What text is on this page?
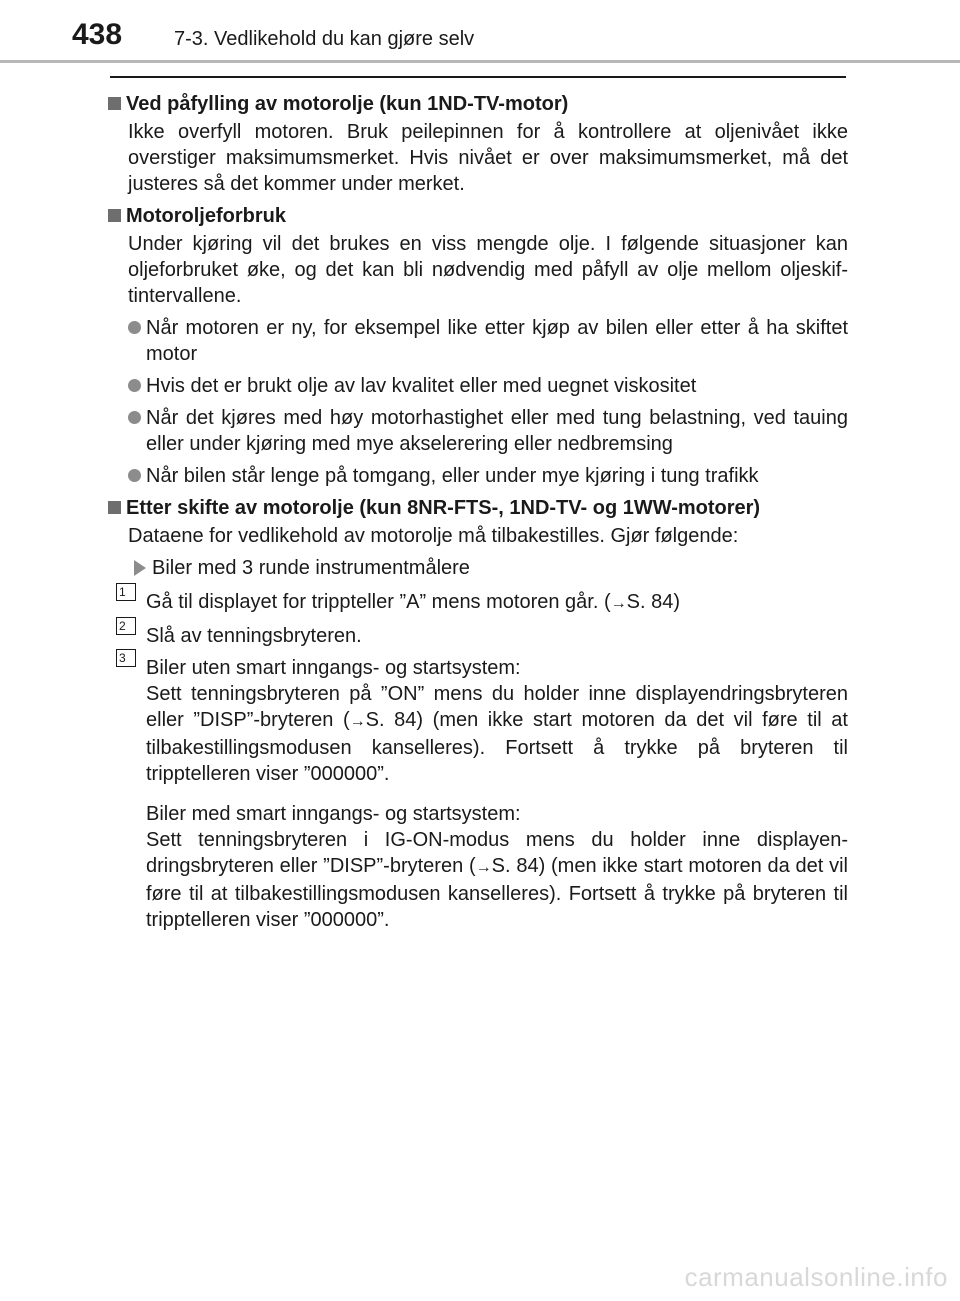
438	7-3. Vedlikehold du kan gjøre selv
Ved påfylling av motorolje (kun 1ND-TV-motor)
Ikke overfyll motoren. Bruk peilepinnen for å kontrollere at oljenivået ikke overstiger maksimumsmerket. Hvis nivået er over maksimumsmerket, må det justeres så det kommer under merket.
Motoroljeforbruk
Under kjøring vil det brukes en viss mengde olje. I følgende situasjoner kan oljeforbruket øke, og det kan bli nødvendig med påfyll av olje mellom oljeskiftintervallene.
Når motoren er ny, for eksempel like etter kjøp av bilen eller etter å ha skiftet motor
Hvis det er brukt olje av lav kvalitet eller med uegnet viskositet
Når det kjøres med høy motorhastighet eller med tung belastning, ved tauing eller under kjøring med mye akselerering eller nedbremsing
Når bilen står lenge på tomgang, eller under mye kjøring i tung trafikk
Etter skifte av motorolje (kun 8NR-FTS-, 1ND-TV- og 1WW-motorer)
Dataene for vedlikehold av motorolje må tilbakestilles. Gjør følgende:
Biler med 3 runde instrumentmålere
1	Gå til displayet for trippteller ”A” mens motoren går. (→S. 84)
2	Slå av tenningsbryteren.
3	Biler uten smart inngangs- og startsystem:
Sett tenningsbryteren på ”ON” mens du holder inne displayendringsbryteren eller ”DISP”-bryteren (→S. 84) (men ikke start motoren da det vil føre til at tilbakestillingsmodusen kanselleres). Fortsett å trykke på bryteren til tripptelleren viser ”000000”.
Biler med smart inngangs- og startsystem:
Sett tenningsbryteren i IG-ON-modus mens du holder inne displayendringsbryteren eller ”DISP”-bryteren (→S. 84) (men ikke start motoren da det vil føre til at tilbakestillingsmodusen kanselleres). Fortsett å trykke på bryteren til tripptelleren viser ”000000”.
carmanualsonline.info
